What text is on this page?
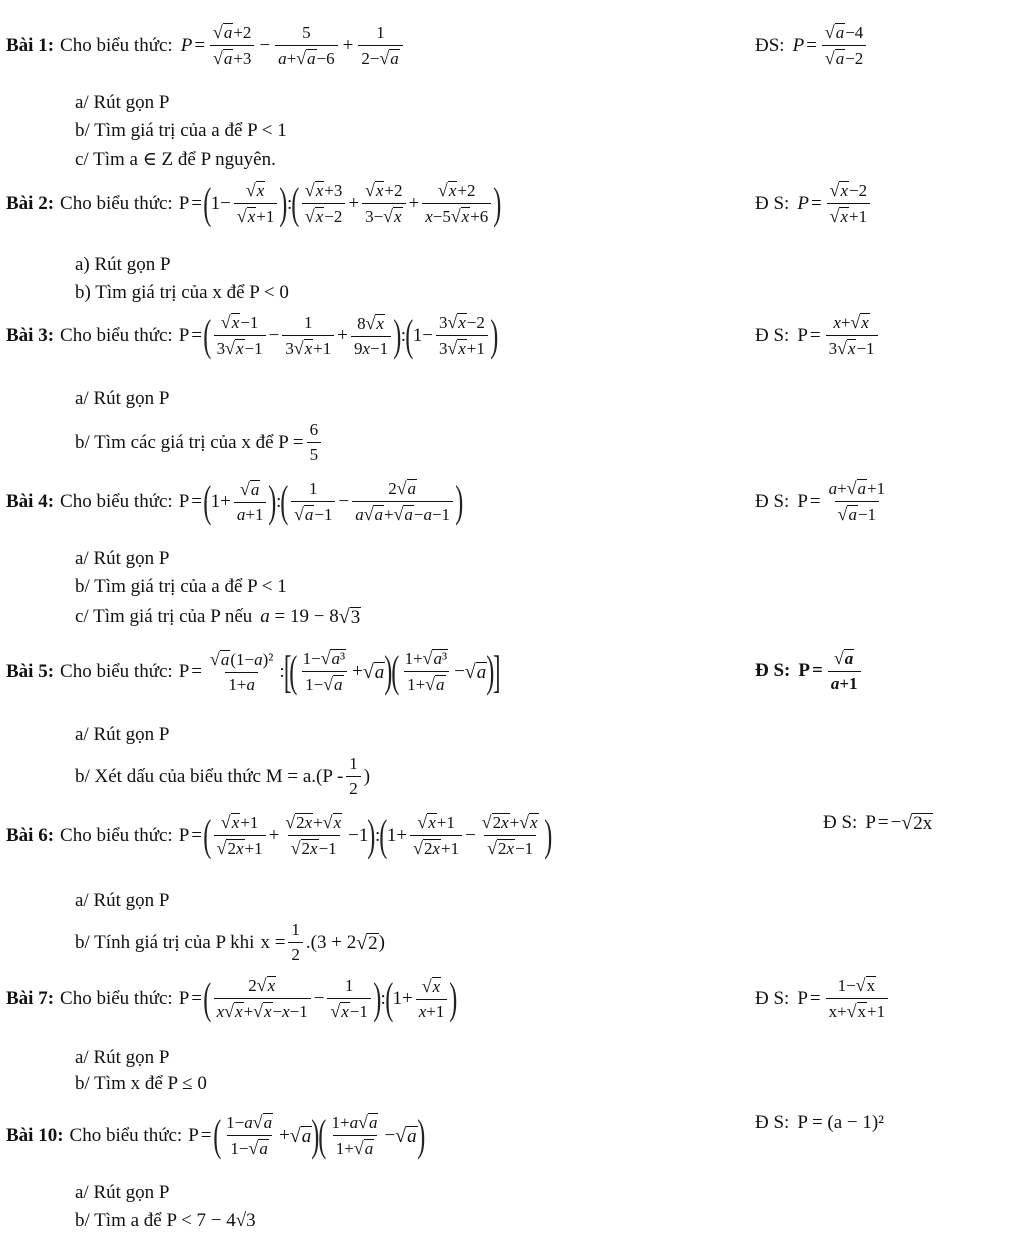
Bài 1: Cho biểu thức: $P = \frac{√ a +2}{√ a +3} - \frac{5}{a+ √ a -6} + \frac{1}{2- √ a}$	ĐS: $P = \frac{√ a -4}{√ a -2}$
a/ Rút gọn P
b/ Tìm giá trị của a để P < 1
c/ Tìm a ∈ Z để P nguyên.
Bài 2: Cho biểu thức: P = ( $1- \frac{√ x}{√ x +1}$ ) : ( $\frac{√ x +3}{√ x -2} + \frac{√ x +2}{3- √ x} + \frac{√ x +2}{x-5 √ x +6}$ )	Đ S: $P = \frac{√ x -2}{√ x +1}$
a) Rút gọn P
b) Tìm giá trị của x để P < 0
Bài 3: Cho biểu thức: P = ( $\frac{√ x -1}{3 √ x -1} - \frac{1}{3 √ x +1} + \frac{8 √ x}{9x-1}$ ) : ( $1- \frac{3 √ x -2}{3 √ x +1}$ )	Đ S: $P = \frac{x+ √ x}{3 √ x -1}$
a/ Rút gọn P
b/ Tìm các giá trị của x để $P = \frac{6}{5}$
Bài 4: Cho biểu thức: P = ( $1+ \frac{√ a}{a+1}$ ) : ( $\frac{1}{√ a -1} - \frac{2 √ a}{a √ a + √ a -a-1}$ )	Đ S: $P = \frac{a+ √ a +1}{√ a -1}$
a/ Rút gọn P
b/ Tìm giá trị của a để P < 1
c/ Tìm giá trị của P nếu a = 19 − 8 √ 3
Bài 5: Cho biểu thức: $P = \frac{\text{√ a (1−a)²}}{1+a}$ :
[
( $\frac{\text{1− √ a³}}{1- √ a}$ + √ a )
( $\frac{\text{1+ √ a³}}{1+ √ a}$ − √ a )
]	Đ S: $P = \frac{√ a}{a+1}$
a/ Rút gọn P
b/ Xét dấu của biểu thức $M = a.(P - \frac{1}{2}$ )
Bài 6: Cho biểu thức: P = ( $\frac{√ x +1}{√ 2x +1} + \frac{√ 2x + √ x}{√ 2x -1} -1$ ) : ( $1+ \frac{√ x +1}{√ 2x +1} - \frac{√ 2x + √ x}{√ 2x -1}$ )	Đ S: P = − √ 2x
a/ Rút gọn P
b/ Tính giá trị của P khi $x = \frac{1}{2} .(3 + 2$ √ 2 )
Bài 7: Cho biểu thức: P = ( $\frac{2 √ x}{x √ x + √ x -x-1} - \frac{1}{√ x -1}$ ) : ( $1+ \frac{√ x}{x+1}$ )	Đ S: $P = \frac{1- √ x}{x+ √ x +1}$
a/ Rút gọn P
b/ Tìm x để P ≤ 0
Bài 10: Cho biểu thức: P = ( $\frac{1-a √ a}{1- √ a}$ + √ a )
( $\frac{1+a √ a}{1+ √ a}$ − √ a )	Đ S: P = (a − 1)²
a/ Rút gọn P
b/ Tìm a để P < 7 − 4√3
